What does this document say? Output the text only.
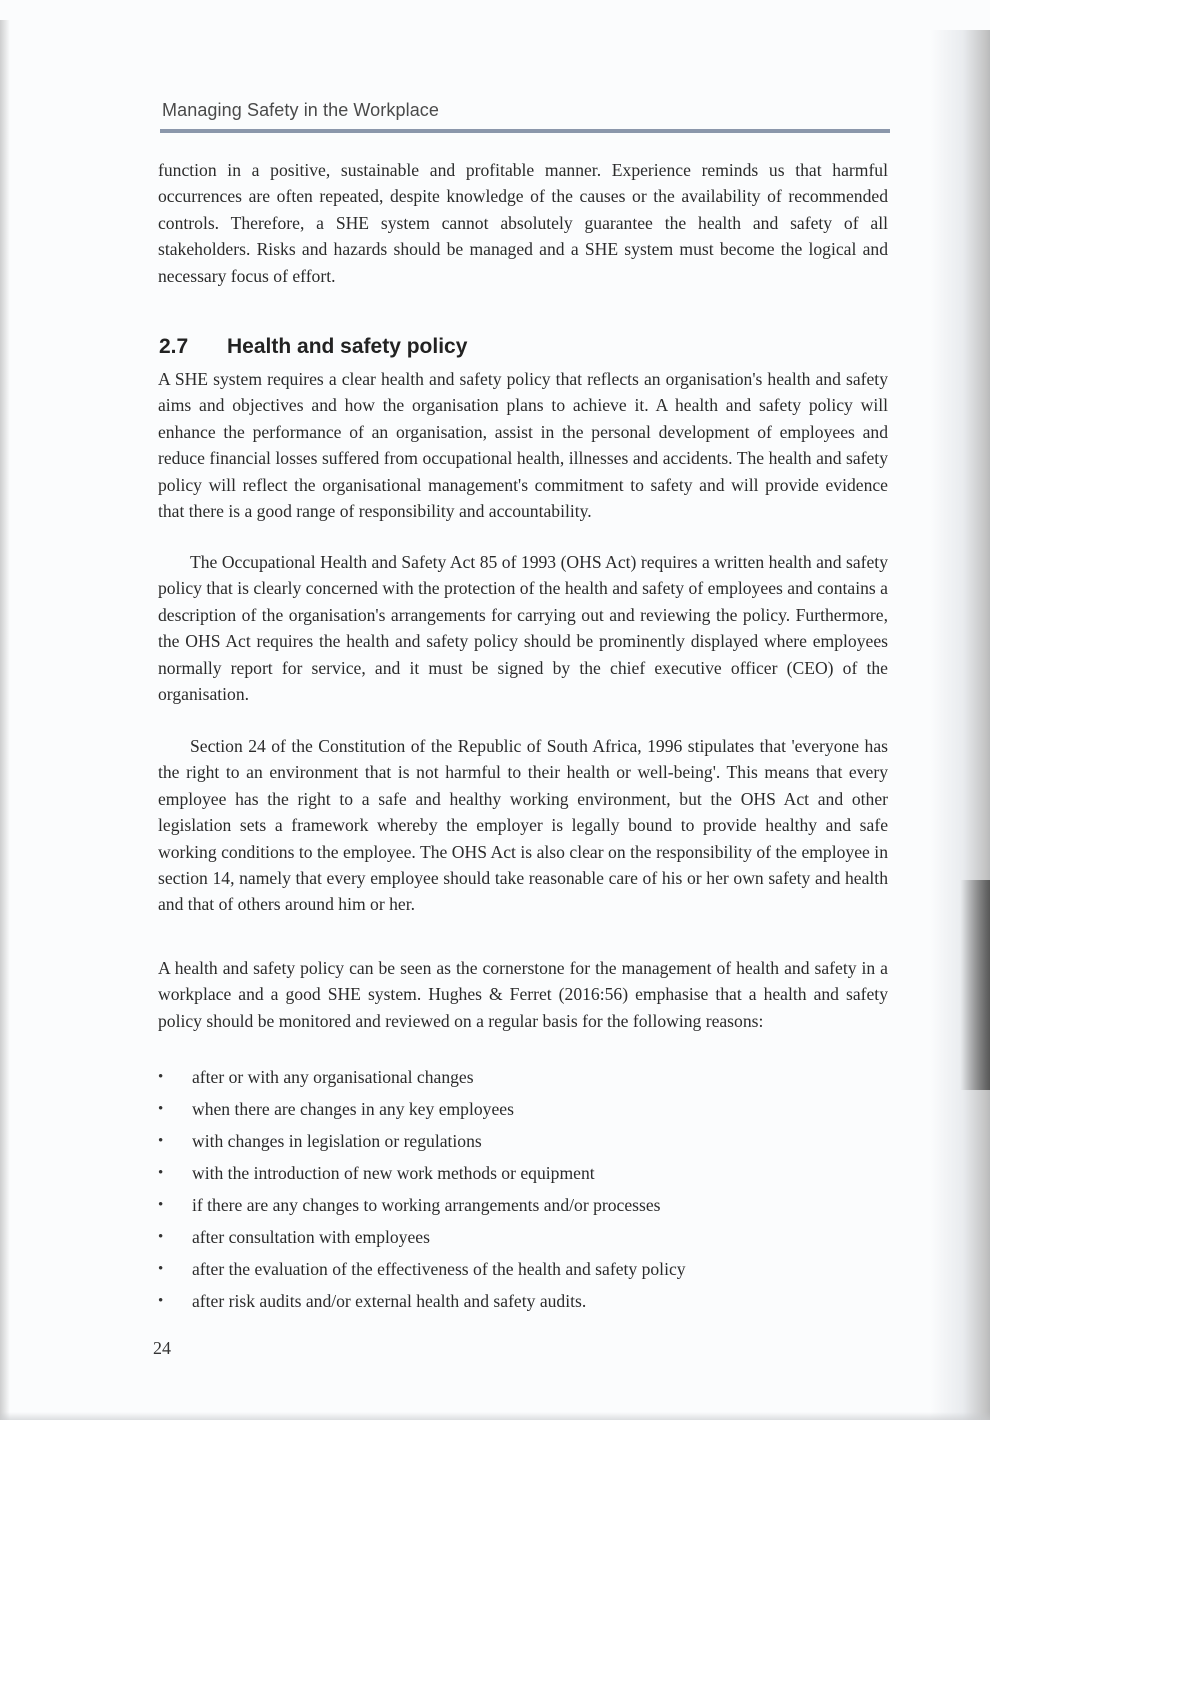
Managing Safety in the Workplace

function in a positive, sustainable and profitable manner. Experience reminds us that harmful occurrences are often repeated, despite knowledge of the causes or the availability of recommended controls. Therefore, a SHE system cannot absolutely guarantee the health and safety of all stakeholders. Risks and hazards should be managed and a SHE system must become the logical and necessary focus of effort.

2.7 Health and safety policy

A SHE system requires a clear health and safety policy that reflects an organisation's health and safety aims and objectives and how the organisation plans to achieve it. A health and safety policy will enhance the performance of an organisation, assist in the personal development of employees and reduce financial losses suffered from occupational health, illnesses and accidents. The health and safety policy will reflect the organisational management's commitment to safety and will provide evidence that there is a good range of responsibility and accountability.

The Occupational Health and Safety Act 85 of 1993 (OHS Act) requires a written health and safety policy that is clearly concerned with the protection of the health and safety of employees and contains a description of the organisation's arrangements for carrying out and reviewing the policy. Furthermore, the OHS Act requires the health and safety policy should be prominently displayed where employees normally report for service, and it must be signed by the chief executive officer (CEO) of the organisation.

Section 24 of the Constitution of the Republic of South Africa, 1996 stipulates that 'everyone has the right to an environment that is not harmful to their health or well-being'. This means that every employee has the right to a safe and healthy working environment, but the OHS Act and other legislation sets a framework whereby the employer is legally bound to provide healthy and safe working conditions to the employee. The OHS Act is also clear on the responsibility of the employee in section 14, namely that every employee should take reasonable care of his or her own safety and health and that of others around him or her.

A health and safety policy can be seen as the cornerstone for the management of health and safety in a workplace and a good SHE system. Hughes & Ferret (2016:56) emphasise that a health and safety policy should be monitored and reviewed on a regular basis for the following reasons:

• after or with any organisational changes
• when there are changes in any key employees
• with changes in legislation or regulations
• with the introduction of new work methods or equipment
• if there are any changes to working arrangements and/or processes
• after consultation with employees
• after the evaluation of the effectiveness of the health and safety policy
• after risk audits and/or external health and safety audits.
24
